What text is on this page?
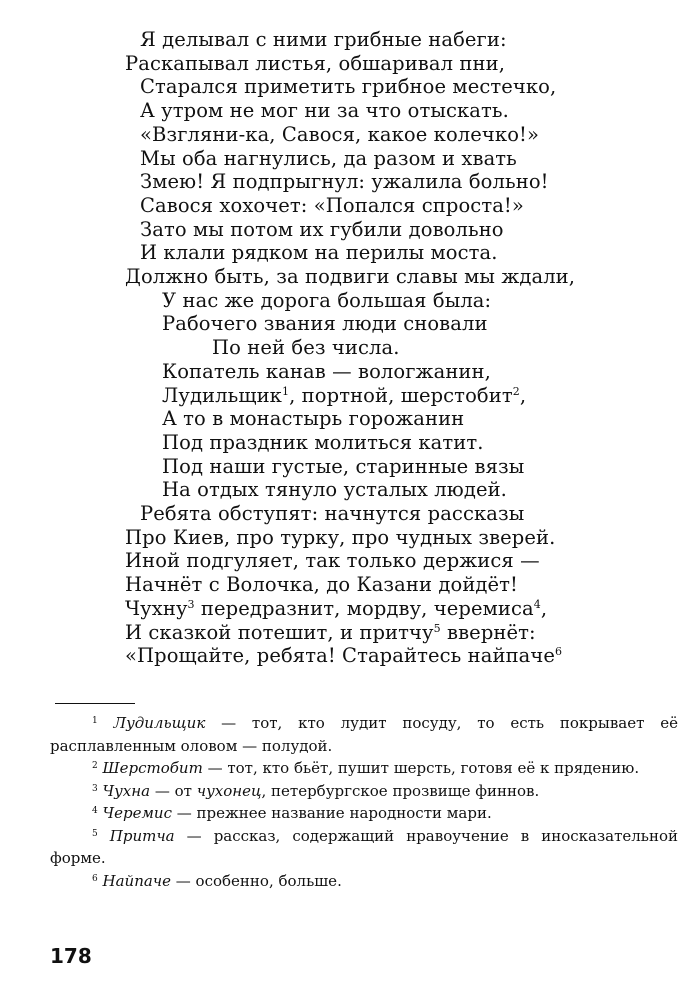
Я делывал с ними грибные набеги:
Раскапывал листья, обшаривал пни,
Старался приметить грибное местечко,
А утром не мог ни за что отыскать.
«Взгляни-ка, Савося, какое колечко!»
Мы оба нагнулись, да разом и хвать
Змею! Я подпрыгнул: ужалила больно!
Савося хохочет: «Попался спроста!»
Зато мы потом их губили довольно
И клали рядком на перилы моста.
Должно быть, за подвиги славы мы ждали,
У нас же дорога большая была:
Рабочего звания люди сновали
По ней без числа.
Копатель канав — вологжанин,
Лудильщик$^1$, портной, шерстобит$^2$,
А то в монастырь горожанин
Под праздник молиться катит.
Под наши густые, старинные вязы
На отдых тянуло усталых людей.
Ребята обступят: начнутся рассказы
Про Киев, про турку, про чудных зверей.
Иной подгуляет, так только держися —
Начнёт с Волочка, до Казани дойдёт!
Чухну$^3$ передразнит, мордву, черемиса$^4$,
И сказкой потешит, и притчу$^5$ ввернёт:
«Прощайте, ребята! Старайтесь найпаче$^6$
$^1$ Лудильщик — тот, кто лудит посуду, то есть покрывает её расплавленным оловом — полудой.
$^2$ Шерстобит — тот, кто бьёт, пушит шерсть, готовя её к прядению.
$^3$ Чухна — от чухонец, петербургское прозвище финнов.
$^4$ Черемис — прежнее название народности мари.
$^5$ Притча — рассказ, содержащий нравоучение в иносказательной форме.
$^6$ Найпаче — особенно, больше.
178
